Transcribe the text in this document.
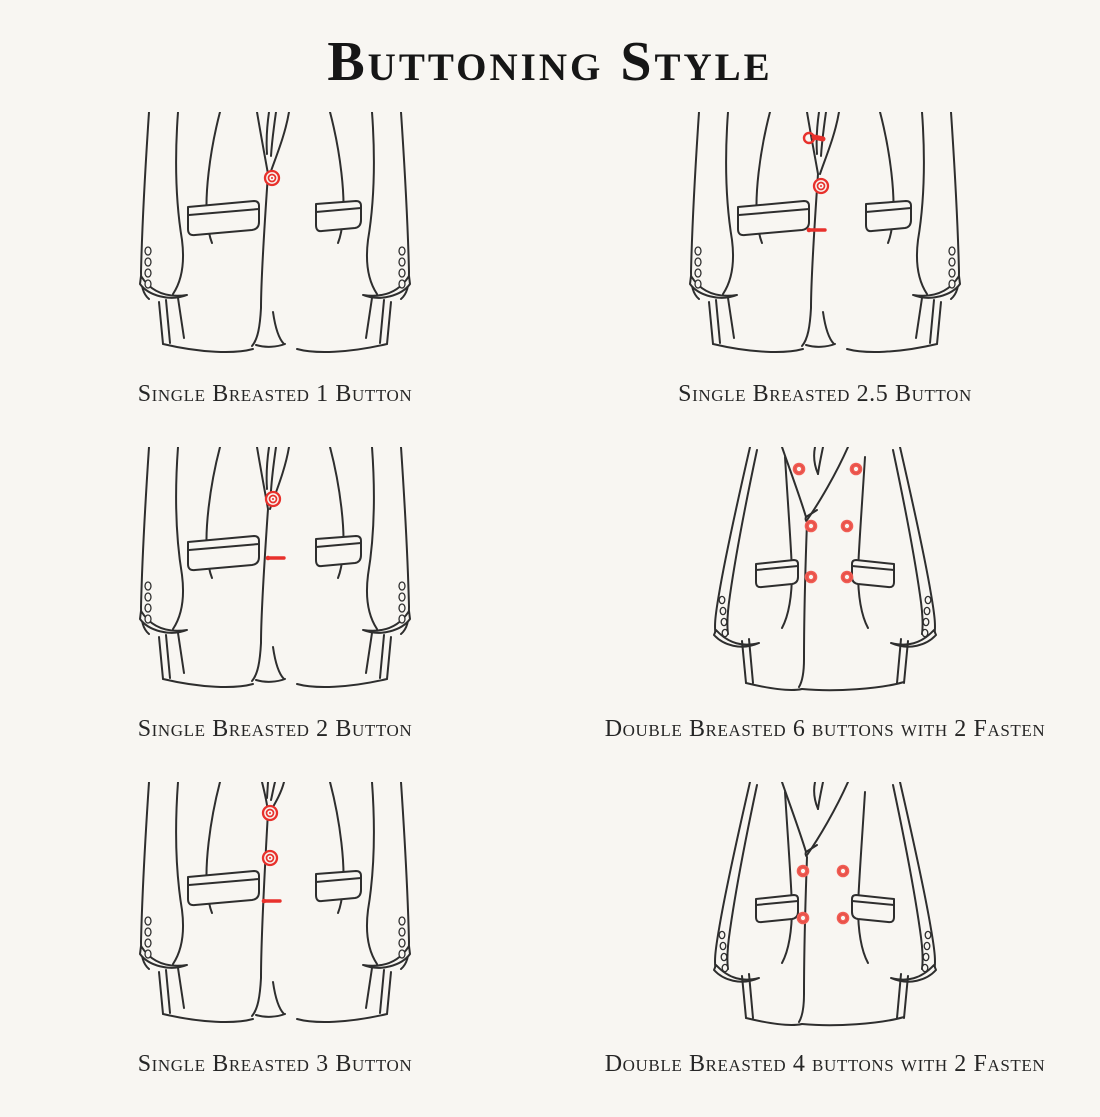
Buttoning Style
Single Breasted 1 Button	Single Breasted 2.5 Button
Single Breasted 2 Button	Double Breasted 6 buttons with 2 Fasten
Single Breasted 3 Button	Double Breasted 4 buttons with 2 Fasten
